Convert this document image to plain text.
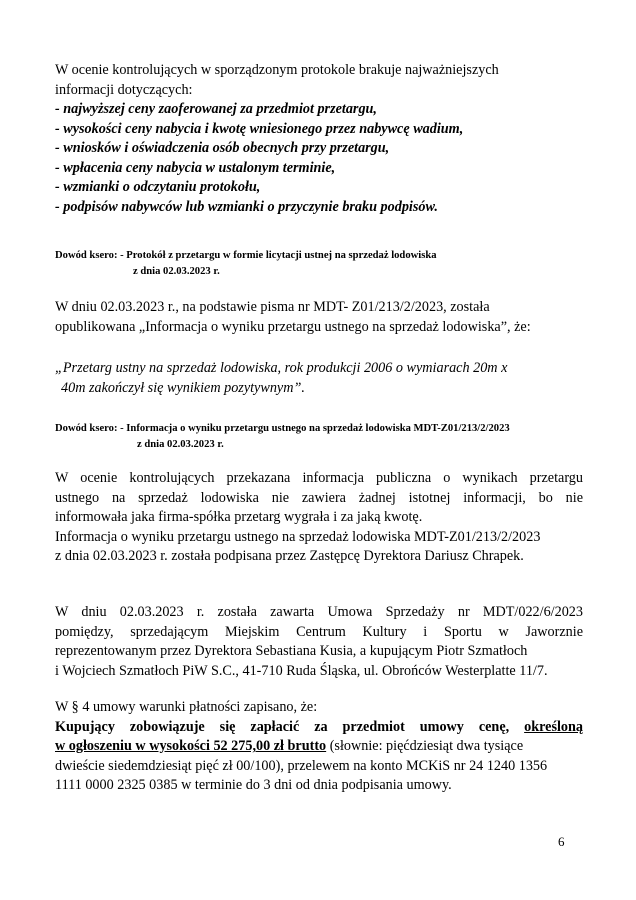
W ocenie kontrolujących w sporządzonym protokole brakuje najważniejszych
informacji dotyczących:
- najwyższej ceny zaoferowanej za przedmiot przetargu,
- wysokości ceny nabycia i kwotę wniesionego przez nabywcę wadium,
- wniosków i oświadczenia osób obecnych przy przetargu,
- wpłacenia ceny nabycia w ustalonym terminie,
- wzmianki o odczytaniu protokołu,
- podpisów nabywców lub wzmianki o przyczynie braku podpisów.
Dowód ksero: - Protokół z przetargu w formie licytacji ustnej na sprzedaż lodowiska
z dnia 02.03.2023 r.
W dniu 02.03.2023 r., na podstawie pisma nr MDT- Z01/213/2/2023, została
opublikowana „Informacja o wyniku przetargu ustnego na sprzedaż lodowiska”, że:
„Przetarg ustny na sprzedaż lodowiska, rok produkcji 2006 o wymiarach 20m x
40m zakończył się wynikiem pozytywnym”.
Dowód ksero: - Informacja o wyniku przetargu ustnego na sprzedaż lodowiska MDT-Z01/213/2/2023
z dnia 02.03.2023 r.
W ocenie kontrolujących przekazana informacja publiczna o wynikach przetargu
ustnego na sprzedaż lodowiska nie zawiera żadnej istotnej informacji, bo nie
informowała jaka firma-spółka przetarg wygrała i za jaką kwotę.
Informacja o wyniku przetargu ustnego na sprzedaż lodowiska MDT-Z01/213/2/2023
z dnia 02.03.2023 r. została podpisana przez Zastępcę Dyrektora Dariusz Chrapek.
W dniu 02.03.2023 r. została zawarta Umowa Sprzedaży nr MDT/022/6/2023
pomiędzy, sprzedającym Miejskim Centrum Kultury i Sportu w Jaworznie
reprezentowanym przez Dyrektora Sebastiana Kusia, a kupującym Piotr Szmatłoch
i Wojciech Szmatłoch PiW S.C., 41-710 Ruda Śląska, ul. Obrońców Westerplatte 11/7.
W § 4 umowy warunki płatności zapisano, że:
Kupujący zobowiązuje się zapłacić za przedmiot umowy cenę, określoną
w ogłoszeniu w wysokości 52 275,00 zł brutto (słownie: pięćdziesiąt dwa tysiące
dwieście siedemdziesiąt pięć zł 00/100), przelewem na konto MCKiS nr 24 1240 1356
1111 0000 2325 0385 w terminie do 3 dni od dnia podpisania umowy.
6
